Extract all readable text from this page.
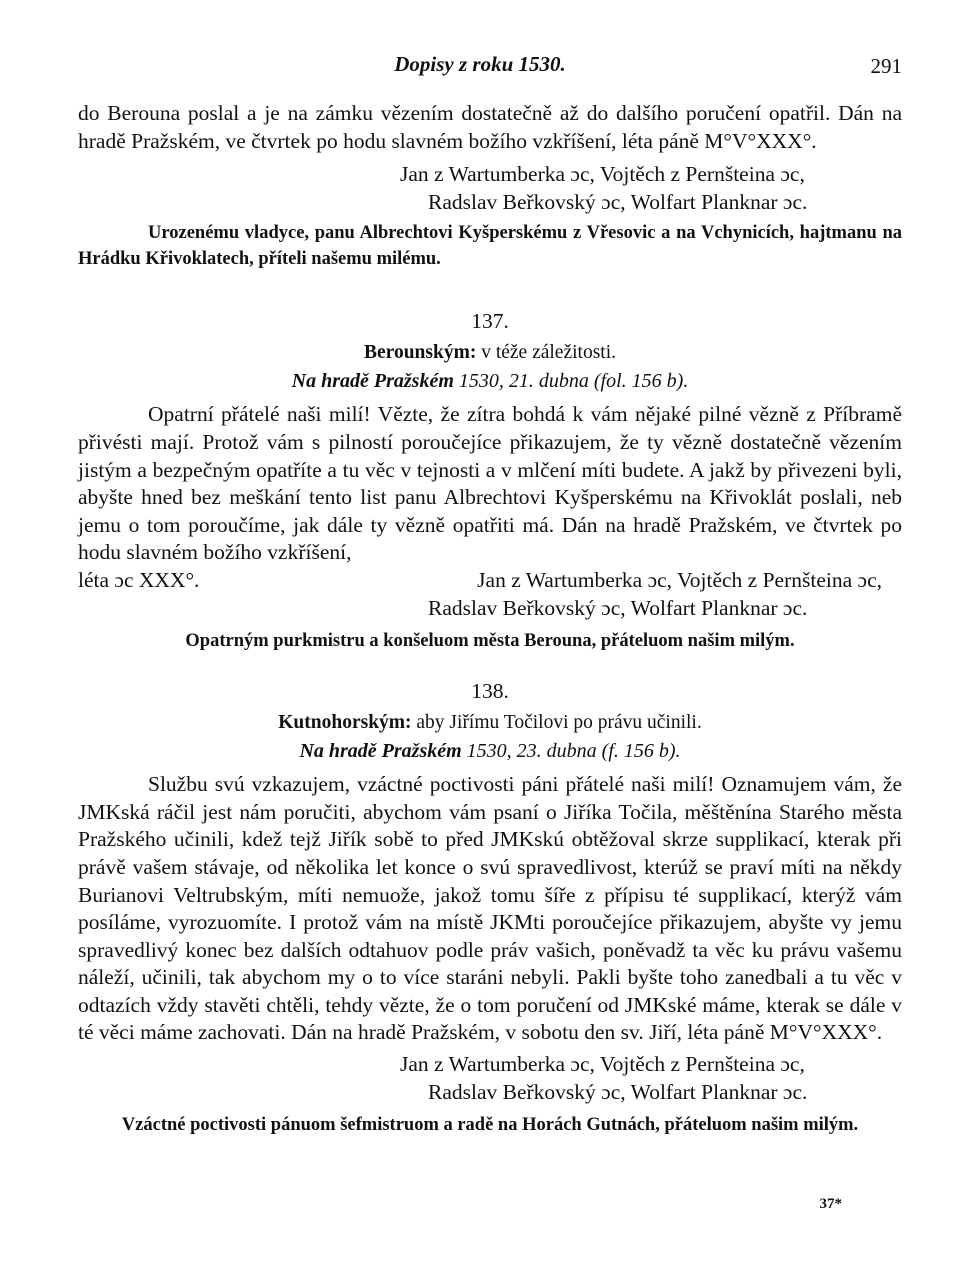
Dopisy z roku 1530.	291

do Berouna poslal a je na zámku vězením dostatečně až do dalšího poručení opatřil. Dán na hradě Pražském, ve čtvrtek po hodu slavném božího vzkříšení, léta páně M°V°XXX°.

Jan z Wartumberka ɔc, Vojtěch z Pernšteina ɔc,
Radslav Beřkovský ɔc, Wolfart Planknar ɔc.

Urozenému vladyce, panu Albrechtovi Kyšperskému z Vřesovic a na Vchynicích, hajtmanu na Hrádku Křivoklatech, příteli našemu milému.

137.
Berounským: v téže záležitosti.
Na hradě Pražském 1530, 21. dubna (fol. 156 b).

Opatrní přátelé naši milí! Vězte, že zítra bohdá k vám nějaké pilné vězně z Příbramě přivésti mají. Protož vám s pilností poroučejíce přikazujem, že ty vězně dostatečně vězením jistým a bezpečným opatříte a tu věc v tejnosti a v mlčení míti budete. A jakž by přivezeni byli, abyšte hned bez meškání tento list panu Albrechtovi Kyšperskému na Křivoklát poslali, neb jemu o tom poroučíme, jak dále ty vězně opatřiti má. Dán na hradě Pražském, ve čtvrtek po hodu slavném božího vzkříšení,

léta ɔc XXX°.	Jan z Wartumberka ɔc, Vojtěch z Pernšteina ɔc,

Radslav Beřkovský ɔc, Wolfart Planknar ɔc.

Opatrným purkmistru a konšeluom města Berouna, přáteluom našim milým.

138.
Kutnohorským: aby Jiřímu Točilovi po právu učinili.
Na hradě Pražském 1530, 23. dubna (f. 156 b).

Službu svú vzkazujem, vzáctné poctivosti páni přátelé naši milí! Oznamujem vám, že JMKská ráčil jest nám poručiti, abychom vám psaní o Jiříka Točila, měštěnína Starého města Pražského učinili, kdež tejž Jiřík sobě to před JMKskú obtěžoval skrze supplikací, kterak při právě vašem stávaje, od několika let konce o svú spravedlivost, kterúž se praví míti na někdy Burianovi Veltrubským, míti nemuože, jakož tomu šíře z přípisu té supplikací, kterýž vám posíláme, vyrozuomíte. I protož vám na místě JKMti poroučejíce přikazujem, abyšte vy jemu spravedlivý konec bez dalších odtahuov podle práv vašich, poněvadž ta věc ku právu vašemu náleží, učinili, tak abychom my o to více staráni nebyli. Pakli byšte toho zanedbali a tu věc v odtazích vždy stavěti chtěli, tehdy vězte, že o tom poručení od JMKské máme, kterak se dále v té věci máme zachovati. Dán na hradě Pražském, v sobotu den sv. Jiří, léta páně M°V°XXX°.

Jan z Wartumberka ɔc, Vojtěch z Pernšteina ɔc,
Radslav Beřkovský ɔc, Wolfart Planknar ɔc.

Vzáctné poctivosti pánuom šefmistruom a radě na Horách Gutnách, přáteluom našim milým.

37*
